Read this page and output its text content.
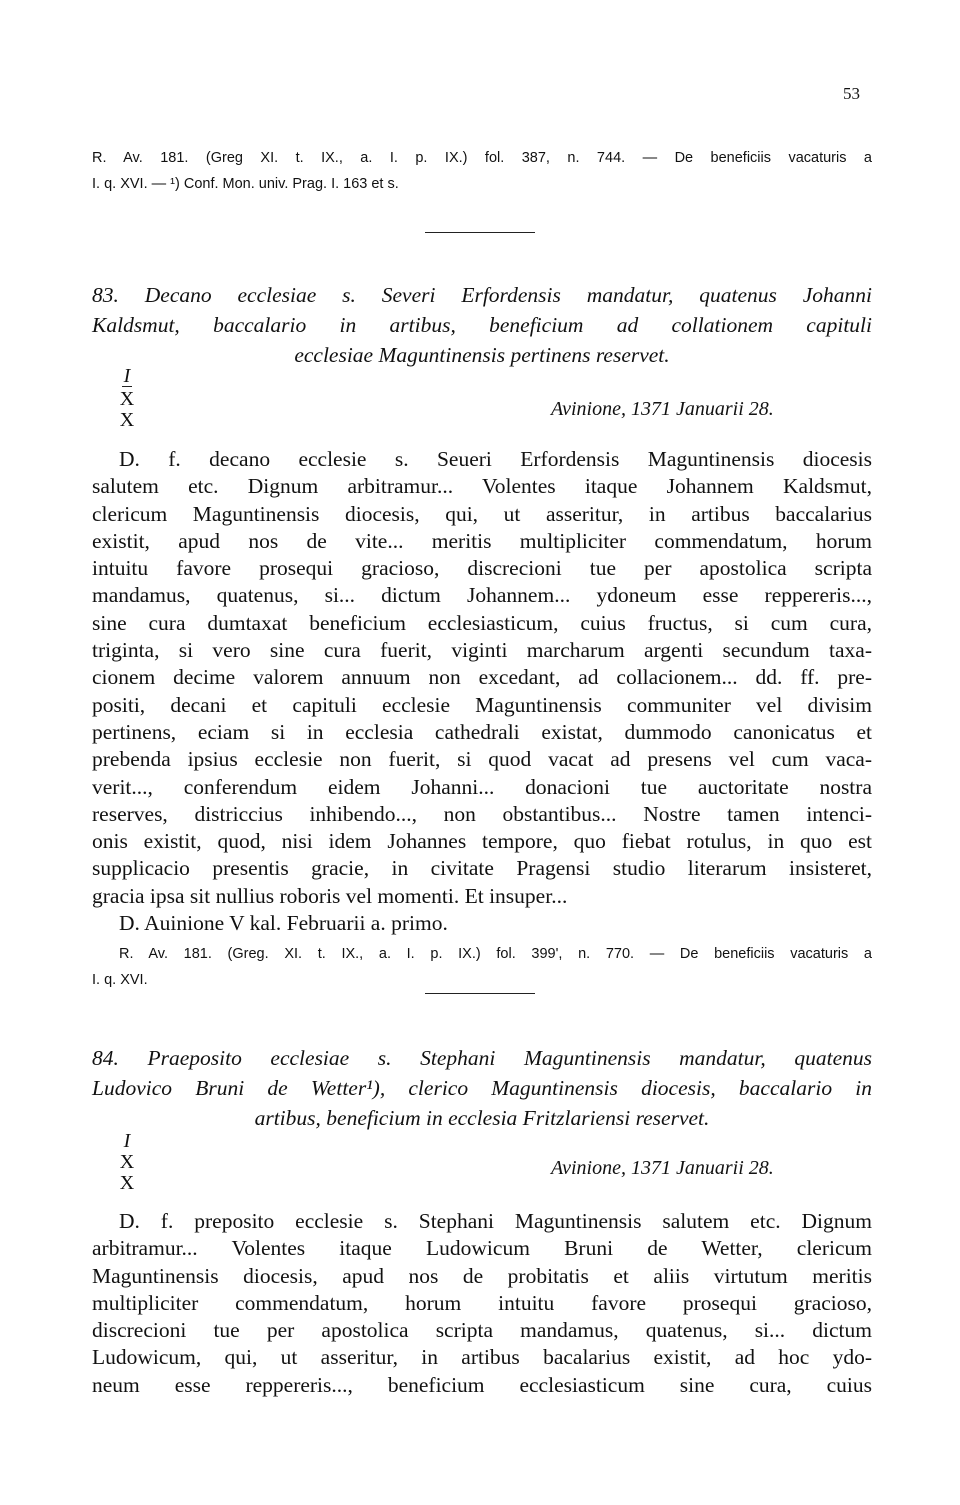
53
R. Av. 181. (Greg XI. t. IX., a. I. p. IX.) fol. 387, n. 744. — De beneficiis vacaturis a
I. q. XVI. — ¹) Conf. Mon. univ. Prag. I. 163 et s.
83. Decano ecclesiae s. Severi Erfordensis mandatur, quatenus Johanni
Kaldsmut, baccalario in artibus, beneficium ad collationem capituli
ecclesiae Maguntinensis pertinens reservet.
I
X
X	Avinione, 1371 Januarii 28.
D. f. decano ecclesie s. Seueri Erfordensis Maguntinensis diocesis
salutem etc. Dignum arbitramur... Volentes itaque Johannem Kaldsmut,
clericum Maguntinensis diocesis, qui, ut asseritur, in artibus baccalarius
existit, apud nos de vite... meritis multipliciter commendatum, horum
intuitu favore prosequi gracioso, discrecioni tue per apostolica scripta
mandamus, quatenus, si... dictum Johannem... ydoneum esse reppereris...,
sine cura dumtaxat beneficium ecclesiasticum, cuius fructus, si cum cura,
triginta, si vero sine cura fuerit, viginti marcharum argenti secundum taxa-
cionem decime valorem annuum non excedant, ad collacionem... dd. ff. pre-
positi, decani et capituli ecclesie Maguntinensis communiter vel divisim
pertinens, eciam si in ecclesia cathedrali existat, dummodo canonicatus et
prebenda ipsius ecclesie non fuerit, si quod vacat ad presens vel cum vaca-
verit..., conferendum eidem Johanni... donacioni tue auctoritate nostra
reserves, districcius inhibendo..., non obstantibus... Nostre tamen intenci-
onis existit, quod, nisi idem Johannes tempore, quo fiebat rotulus, in quo est
supplicacio presentis gracie, in civitate Pragensi studio literarum insisteret,
gracia ipsa sit nullius roboris vel momenti. Et insuper...
D. Auinione V kal. Februarii a. primo.
R. Av. 181. (Greg. XI. t. IX., a. I. p. IX.) fol. 399', n. 770. — De beneficiis vacaturis a
I. q. XVI.
84. Praeposito ecclesiae s. Stephani Maguntinensis mandatur, quatenus
Ludovico Bruni de Wetter¹), clerico Maguntinensis diocesis, baccalario in
artibus, beneficium in ecclesia Fritzlariensi reservet.
I
X
X
Avinione, 1371 Januarii 28.
D. f. preposito ecclesie s. Stephani Maguntinensis salutem etc. Dignum
arbitramur... Volentes itaque Ludowicum Bruni de Wetter, clericum
Maguntinensis diocesis, apud nos de probitatis et aliis virtutum meritis
multipliciter commendatum, horum intuitu favore prosequi gracioso,
discrecioni tue per apostolica scripta mandamus, quatenus, si... dictum
Ludowicum, qui, ut asseritur, in artibus bacalarius existit, ad hoc ydo-
neum esse reppereris..., beneficium ecclesiasticum sine cura, cuius
